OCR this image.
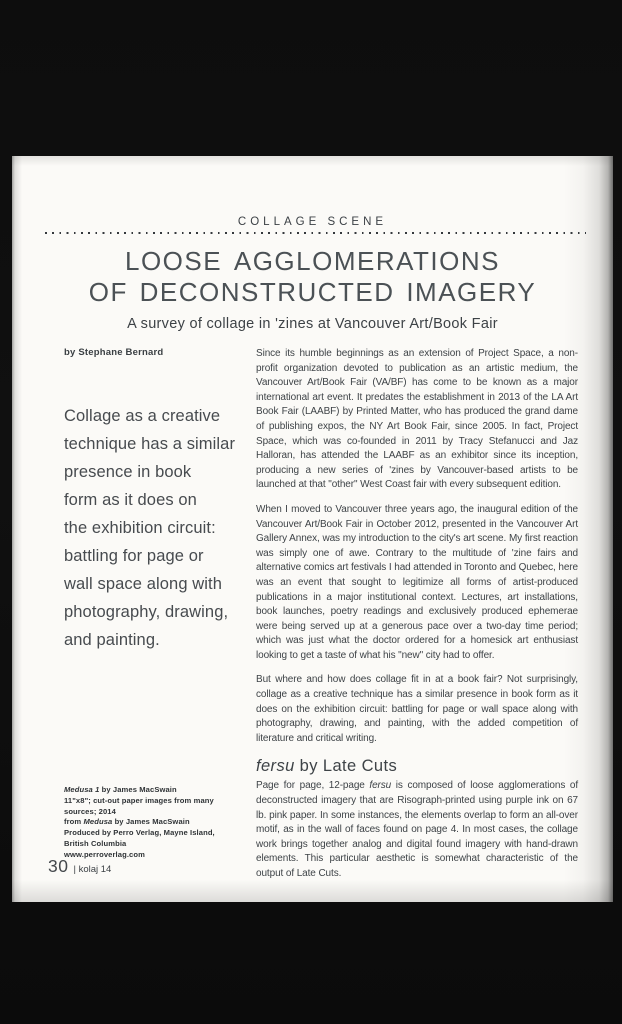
COLLAGE SCENE
loose agglomerations
of deconstructed imagery
A survey of collage in 'zines at Vancouver Art/Book Fair
by Stephane Bernard
Collage as a creative
technique has a similar
presence in book
form as it does on
the exhibition circuit:
battling for page or
wall space along with
photography, drawing,
and painting.

Since its humble beginnings as an extension of Project Space, a non-profit organization devoted to publication as an artistic medium, the Vancouver Art/Book Fair (VA/BF) has come to be known as a major international art event. It predates the establishment in 2013 of the LA Art Book Fair (LAABF) by Printed Matter, who has produced the grand dame of publishing expos, the NY Art Book Fair, since 2005. In fact, Project Space, which was co-founded in 2011 by Tracy Stefanucci and Jaz Halloran, has attended the LAABF as an exhibitor since its inception, producing a new series of 'zines by Vancouver-based artists to be launched at that "other" West Coast fair with every subsequent edition.

When I moved to Vancouver three years ago, the inaugural edition of the Vancouver Art/Book Fair in October 2012, presented in the Vancouver Art Gallery Annex, was my introduction to the city's art scene. My first reaction was simply one of awe. Contrary to the multitude of 'zine fairs and alternative comics art festivals I had attended in Toronto and Quebec, here was an event that sought to legitimize all forms of artist-produced publications in a major institutional context. Lectures, art installations, book launches, poetry readings and exclusively produced ephemerae were being served up at a generous pace over a two-day time period; which was just what the doctor ordered for a homesick art enthusiast looking to get a taste of what his "new" city had to offer.

But where and how does collage fit in at a book fair? Not surprisingly, collage as a creative technique has a similar presence in book form as it does on the exhibition circuit: battling for page or wall space along with photography, drawing, and painting, with the added competition of literature and critical writing.

fersu by Late Cuts

Page for page, 12-page fersu is composed of loose agglomerations of deconstructed imagery that are Risograph-printed using purple ink on 67 lb. pink paper. In some instances, the elements overlap to form an all-over motif, as in the wall of faces found on page 4. In most cases, the collage work brings together analog and digital found imagery with hand-drawn elements. This particular aesthetic is somewhat characteristic of the output of Late Cuts.

Medusa 1 by James MacSwain
11"x8"; cut-out paper images from many sources; 2014
from Medusa by James MacSwain
Produced by Perro Verlag, Mayne Island, British Columbia
www.perroverlag.com
30 | kolaj 14
